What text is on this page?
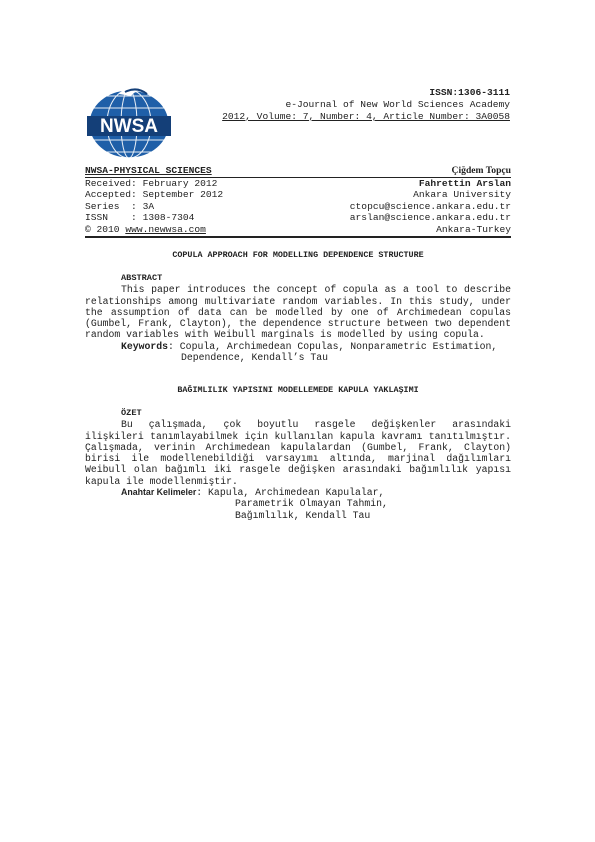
NWSA
ISSN:1306-3111
e-Journal of New World Sciences Academy
2012, Volume: 7, Number: 4, Article Number: 3A0058
NWSA-PHYSICAL SCIENCES	Çiğdem Topçu
Received: February 2012	Fahrettin Arslan
Accepted: September 2012	Ankara University
Series  : 3A	ctopcu@science.ankara.edu.tr
ISSN    : 1308-7304	arslan@science.ankara.edu.tr
© 2010 www.newwsa.com	Ankara-Turkey
COPULA APPROACH FOR MODELLING DEPENDENCE STRUCTURE
ABSTRACT
This paper introduces the concept of copula as a tool to describe relationships among multivariate random variables. In this study, under the assumption of data can be modelled by one of Archimedean copulas (Gumbel, Frank, Clayton), the dependence structure between two dependent random variables with Weibull marginals is modelled by using copula.
Keywords: Copula, Archimedean Copulas, Nonparametric Estimation,
Dependence, Kendall’s Tau
BAĞIMLILIK YAPISINI MODELLEMEDE KAPULA YAKLAŞIMI
ÖZET
Bu çalışmada, çok boyutlu rasgele değişkenler arasındaki ilişkileri tanımlayabilmek için kullanılan kapula kavramı tanıtılmıştır. Çalışmada, verinin Archimedean kapulalardan (Gumbel, Frank, Clayton) birisi ile modellenebildiği varsayımı altında, marjinal dağılımları Weibull olan bağımlı iki rasgele değişken arasındaki bağımlılık yapısı kapula ile modellenmiştir.
Anahtar Kelimeler: Kapula, Archimedean Kapulalar,
Parametrik Olmayan Tahmin,
Bağımlılık, Kendall Tau
